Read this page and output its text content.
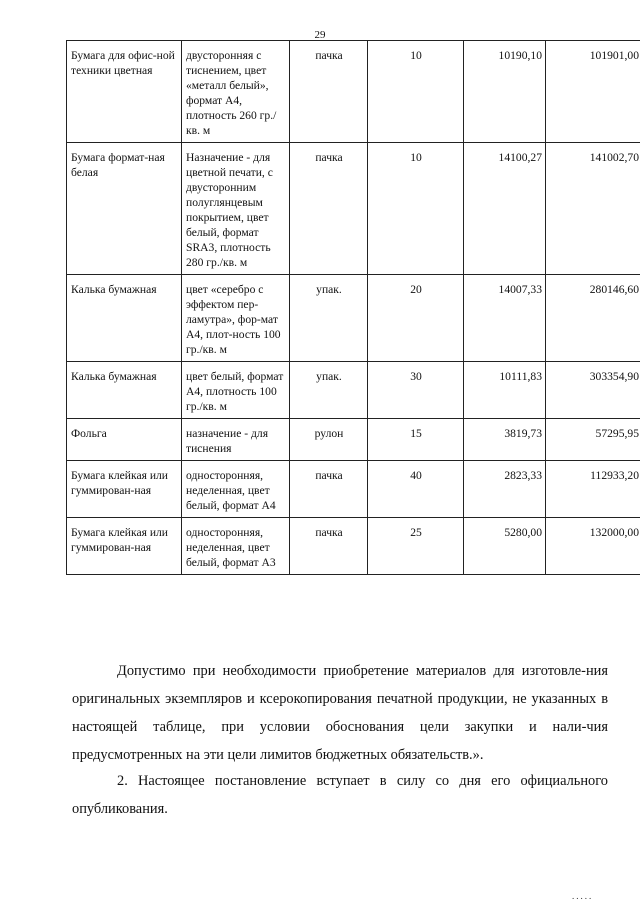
29
Бумага для офис-ной техники цветная	двусторонняя с тиснением, цвет «металл белый», формат А4, плотность 260 гр./кв. м	пачка	10	10190,10	101901,00
Бумага формат-ная белая	Назначение - для цветной печати, с двусторонним полуглянцевым покрытием, цвет белый, формат SRA3, плотность 280 гр./кв. м	пачка	10	14100,27	141002,70
Калька бумажная	цвет «серебро с эффектом пер-ламутра», фор-мат А4, плот-ность 100 гр./кв. м	упак.	20	14007,33	280146,60
Калька бумажная	цвет белый, формат А4, плотность 100 гр./кв. м	упак.	30	10111,83	303354,90
Фольга	назначение - для тиснения	рулон	15	3819,73	57295,95
Бумага клейкая или гуммирован-ная	односторонняя, неделенная, цвет белый, формат А4	пачка	40	2823,33	112933,20
Бумага клейкая или гуммирован-ная	односторонняя, неделенная, цвет белый, формат А3	пачка	25	5280,00	132000,00

Допустимо при необходимости приобретение материалов для изготовле-ния оригинальных экземпляров и ксерокопирования печатной продукции, не указанных в настоящей таблице, при условии обоснования цели закупки и нали-чия предусмотренных на эти цели лимитов бюджетных обязательств.».

2. Настоящее постановление вступает в силу со дня его официального опубликования.

.....
